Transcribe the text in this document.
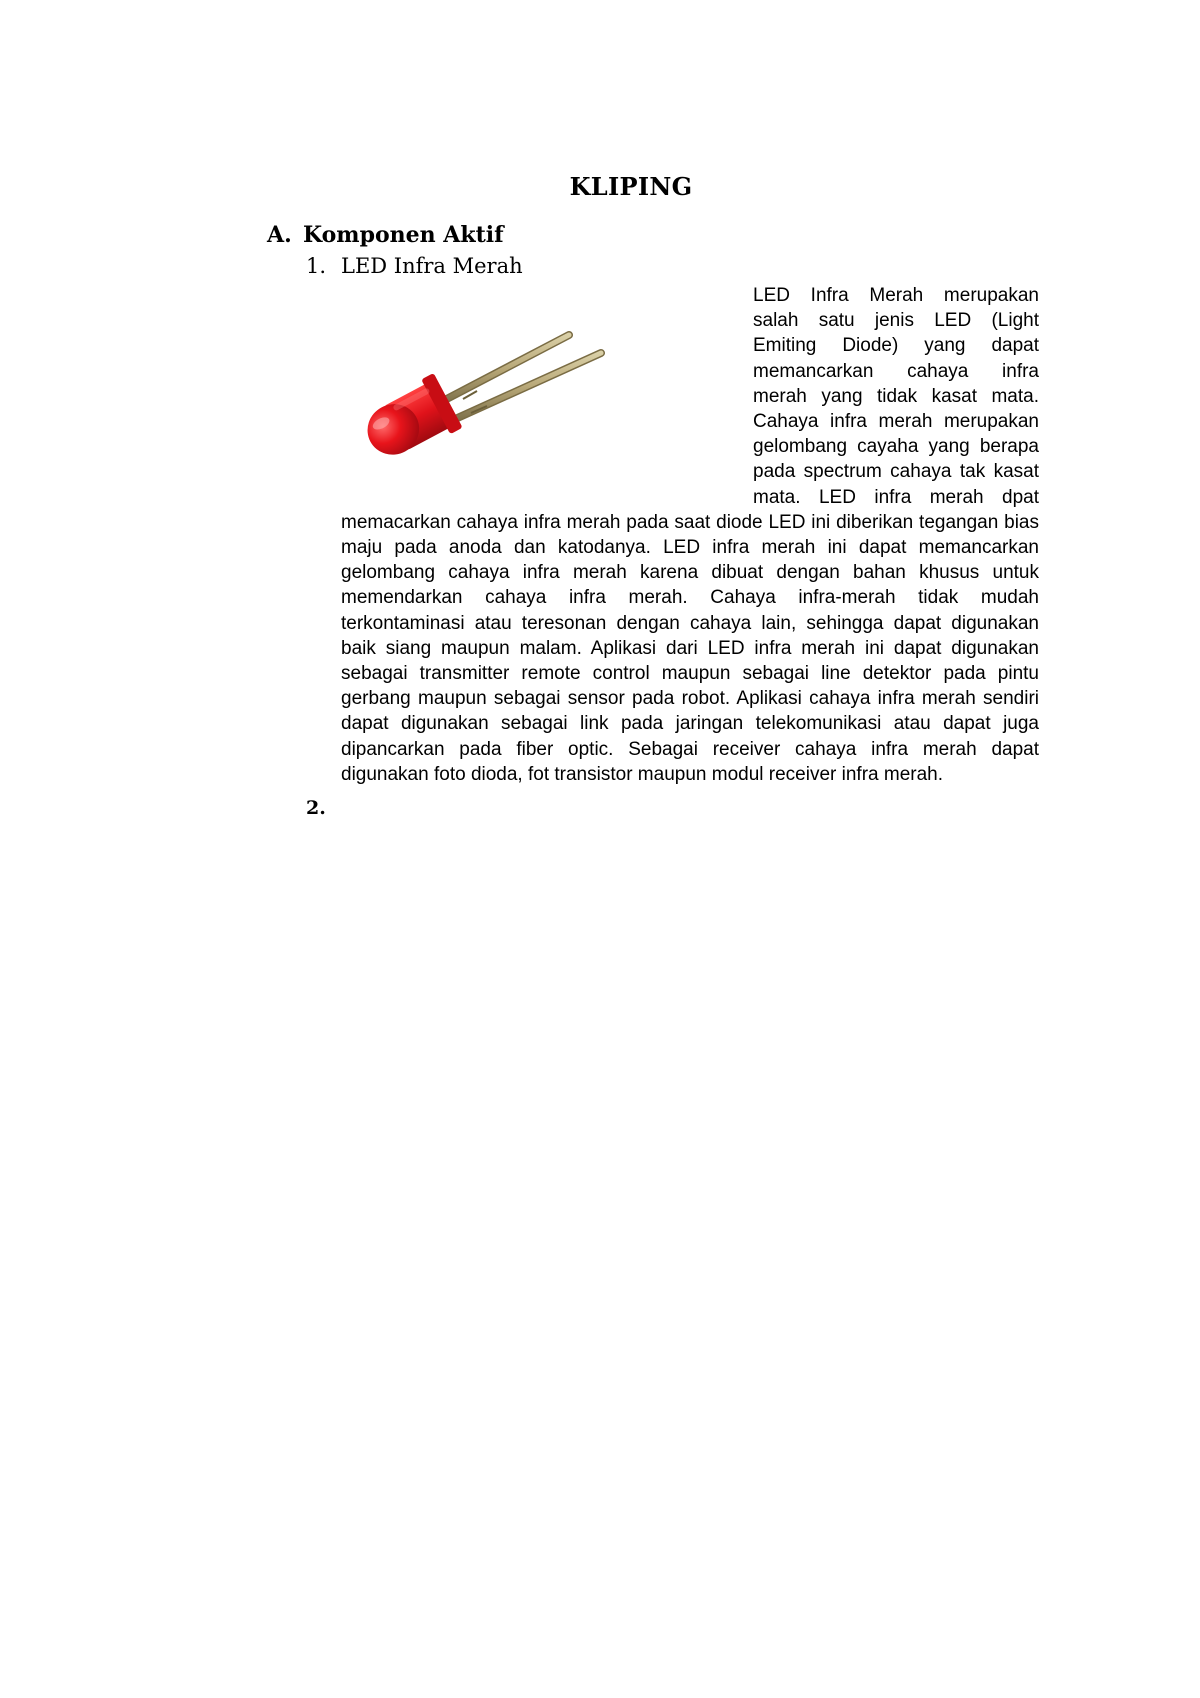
KLIPING
A. Komponen Aktif
1. LED Infra Merah

LED Infra Merah merupakan salah satu jenis LED (Light Emiting Diode) yang dapat memancarkan cahaya infra merah yang tidak kasat mata. Cahaya infra merah merupakan gelombang cayaha yang berapa pada spectrum cahaya tak kasat mata. LED infra merah dpat memacarkan cahaya infra merah pada saat diode LED ini diberikan tegangan bias maju pada anoda dan katodanya. LED infra merah ini dapat memancarkan gelombang cahaya infra merah karena dibuat dengan bahan khusus untuk memendarkan cahaya infra merah. Cahaya infra-merah tidak mudah terkontaminasi atau teresonan dengan cahaya lain, sehingga dapat digunakan baik siang maupun malam. Aplikasi dari LED infra merah ini dapat digunakan sebagai transmitter remote control maupun sebagai line detektor pada pintu gerbang maupun sebagai sensor pada robot. Aplikasi cahaya infra merah sendiri dapat digunakan sebagai link pada jaringan telekomunikasi atau dapat juga dipancarkan pada fiber optic. Sebagai receiver cahaya infra merah dapat digunakan foto dioda, fot transistor maupun modul receiver infra merah.

2.
